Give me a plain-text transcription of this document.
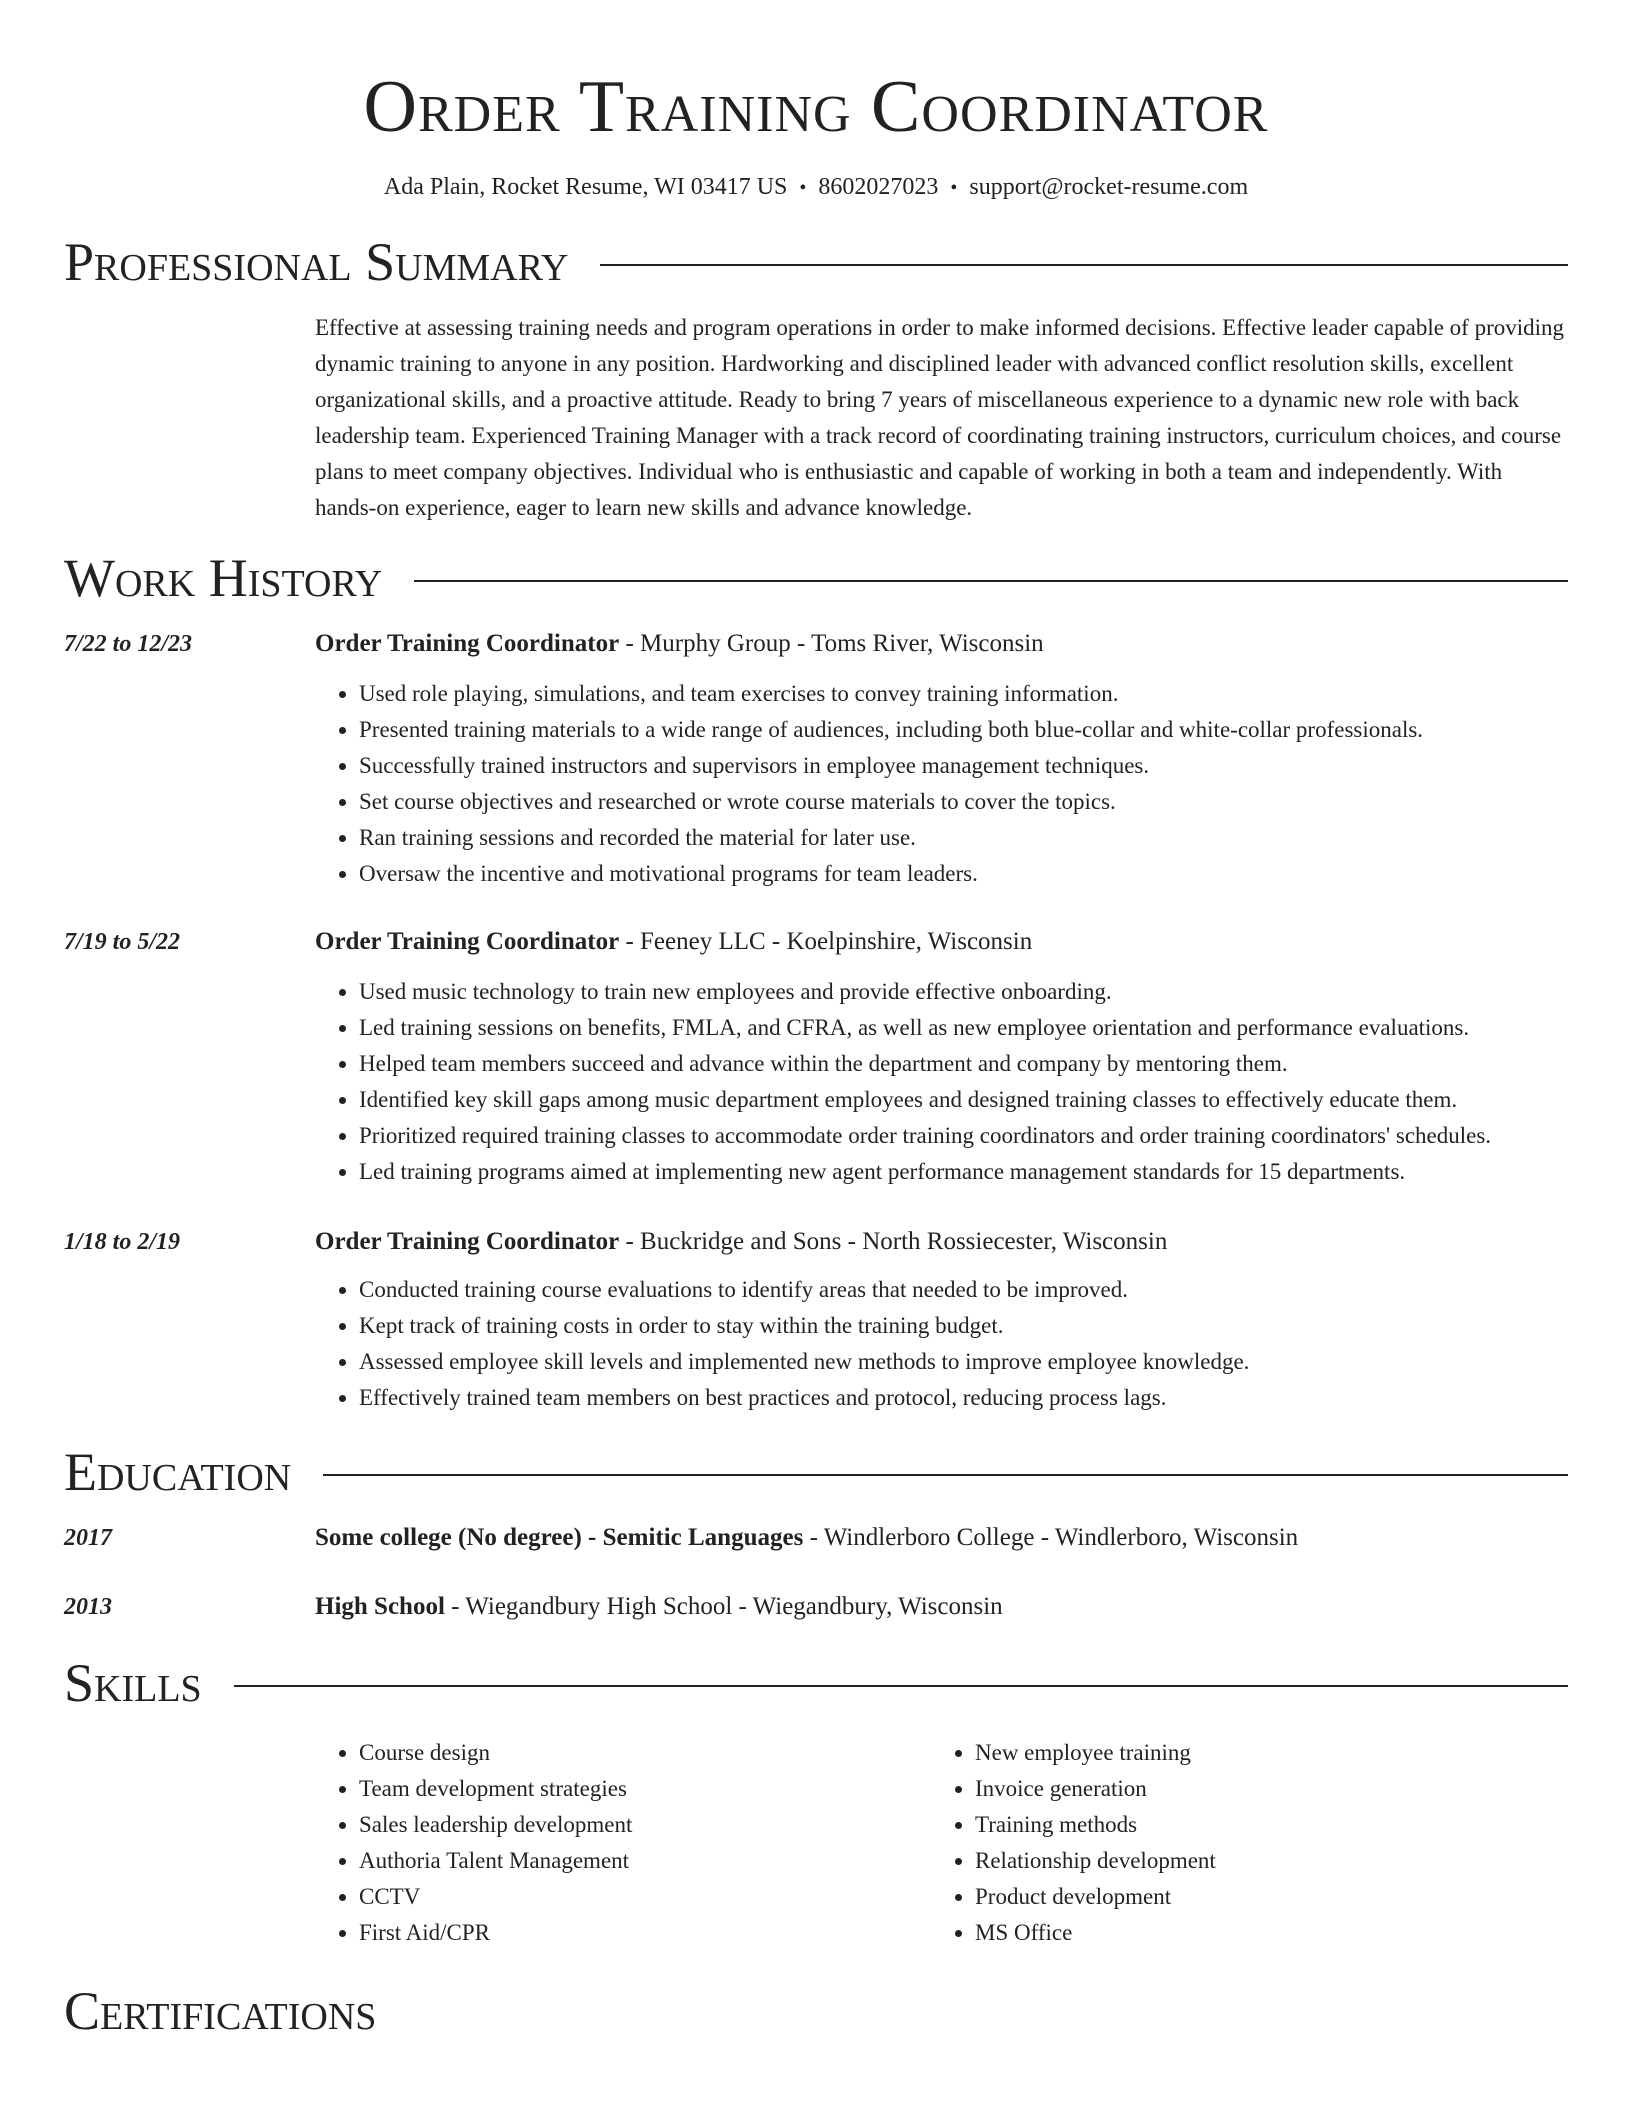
Order Training Coordinator
Ada Plain, Rocket Resume, WI 03417 US • 8602027023 • support@rocket-resume.com
Professional Summary
Effective at assessing training needs and program operations in order to make informed decisions. Effective leader capable of providing dynamic training to anyone in any position. Hardworking and disciplined leader with advanced conflict resolution skills, excellent organizational skills, and a proactive attitude. Ready to bring 7 years of miscellaneous experience to a dynamic new role with back leadership team. Experienced Training Manager with a track record of coordinating training instructors, curriculum choices, and course plans to meet company objectives. Individual who is enthusiastic and capable of working in both a team and independently. With hands-on experience, eager to learn new skills and advance knowledge.
Work History
7/22 to 12/23	Order Training Coordinator - Murphy Group - Toms River, Wisconsin
• Used role playing, simulations, and team exercises to convey training information.
• Presented training materials to a wide range of audiences, including both blue-collar and white-collar professionals.
• Successfully trained instructors and supervisors in employee management techniques.
• Set course objectives and researched or wrote course materials to cover the topics.
• Ran training sessions and recorded the material for later use.
• Oversaw the incentive and motivational programs for team leaders.
7/19 to 5/22	Order Training Coordinator - Feeney LLC - Koelpinshire, Wisconsin
• Used music technology to train new employees and provide effective onboarding.
• Led training sessions on benefits, FMLA, and CFRA, as well as new employee orientation and performance evaluations.
• Helped team members succeed and advance within the department and company by mentoring them.
• Identified key skill gaps among music department employees and designed training classes to effectively educate them.
• Prioritized required training classes to accommodate order training coordinators and order training coordinators' schedules.
• Led training programs aimed at implementing new agent performance management standards for 15 departments.
1/18 to 2/19	Order Training Coordinator - Buckridge and Sons - North Rossiecester, Wisconsin
• Conducted training course evaluations to identify areas that needed to be improved.
• Kept track of training costs in order to stay within the training budget.
• Assessed employee skill levels and implemented new methods to improve employee knowledge.
• Effectively trained team members on best practices and protocol, reducing process lags.
Education
2017	Some college (No degree) - Semitic Languages - Windlerboro College - Windlerboro, Wisconsin
2013	High School - Wiegandbury High School - Wiegandbury, Wisconsin
Skills
• Course design
• Team development strategies
• Sales leadership development
• Authoria Talent Management
• CCTV
• First Aid/CPR
• New employee training
• Invoice generation
• Training methods
• Relationship development
• Product development
• MS Office
Certifications
